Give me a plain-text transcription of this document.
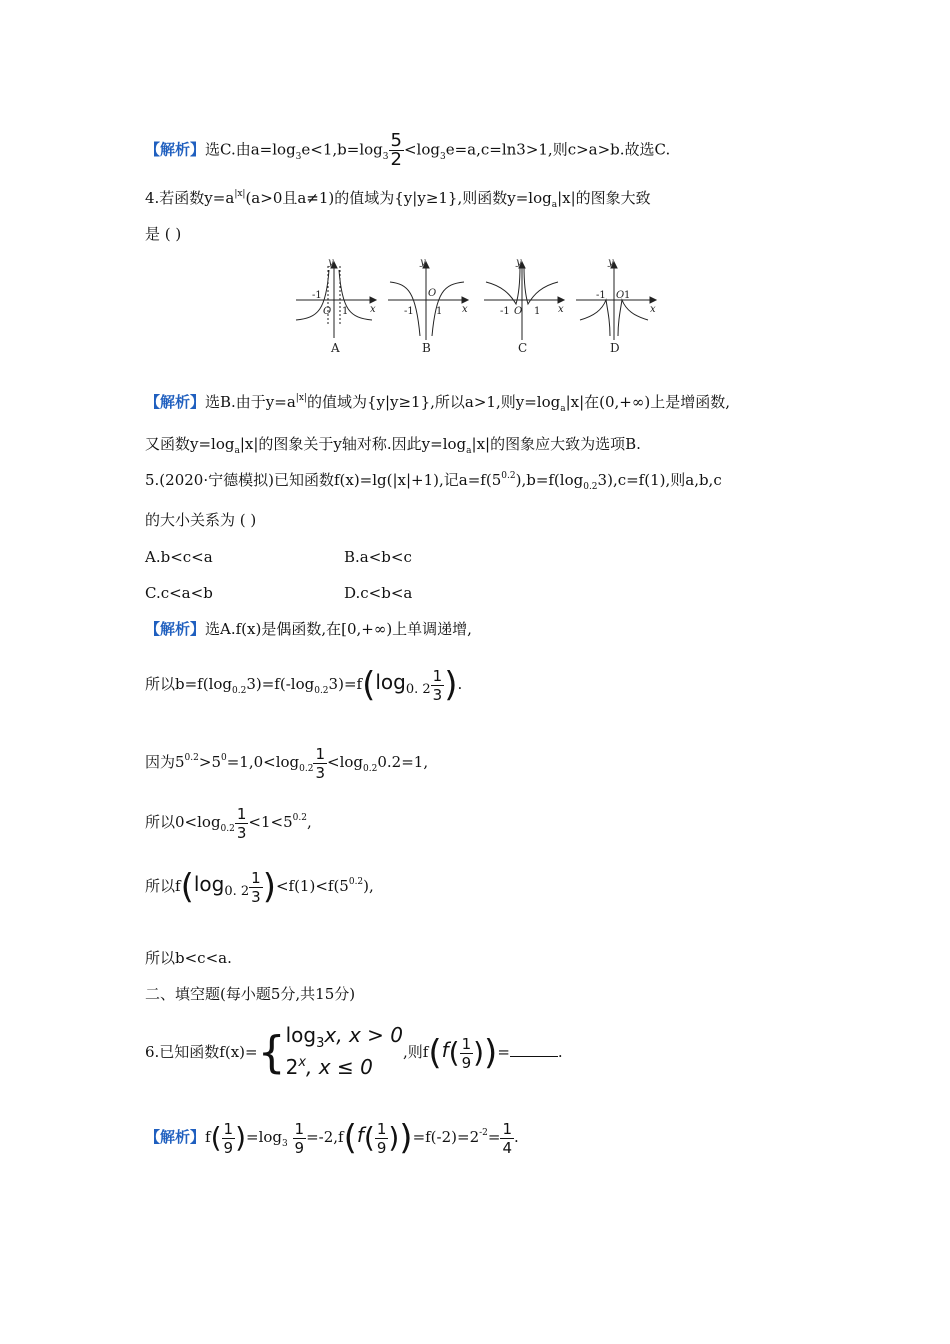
【解析】选C.由$a=\log_3e<1,b=\log_3 \frac{5}{2} <\log_3e=a,c=\ln 3>1$,则c>a>b.故选C.
4.若函数$y=a^{|x|}(a>0$且a≠1)的值域为{y|y≥1},则函数$y=\log_a|x|$的图象大致
是 ( )
y
-1
O 1 x
A
y
-1
O
1 x
B
y
-1 O 1 x
C
y
-1 O 1
x
D
【解析】选B.由于$y=a^{|x|}$的值域为{y|y≥1},所以a>1,则$y=\log_a|x|$在(0,+∞)上是增函数,
又函数$y=\log_a|x|$的图象关于y轴对称.因此$y=\log_a|x|$的图象应大致为选项B.
5.(2020·宁德模拟)已知函数f(x)=lg(|x|+1),记$a=f(5^{0.2}),b=f(\log_{0.2}3),c=f(1)$,则a,b,c
的大小关系为 ( )
A.b<c<a	B.a<b<c
C.c<a<b	D.c<b<a
【解析】选A.f(x)是偶函数,在[0,+∞)上单调递增,
所以$b=f(\log_{0.2}3)=f(-\log_{0.2}3)=f(\log 0$. $2 \frac{1}{3}$ ).
因为$5^{0.2}>5^0=1,0<\log_{0.2} \frac{1}{3} <\log_{0.2}0.2=1$,
所以$0<\log_{0.2} \frac{1}{3} <1<5^{0.2}$,
所以f(log0. $2 \frac{1}{3} )<f(1)<f(5^{0.2})$,
所以b<c<a.
二、填空题(每小题5分,共15分)
6.已知函数f(x)={ $\log_3x$, x > 0
2$^x$, x ≤ 0
,则$f(f( \frac{1}{9}$ ))=	.
【解析】$f( \frac{1}{9} )=\log_3 \frac{1}{9} =-2,f(f( \frac{1}{9} ))=f(-2)=2^{-2}= \frac{1}{4}$ .
